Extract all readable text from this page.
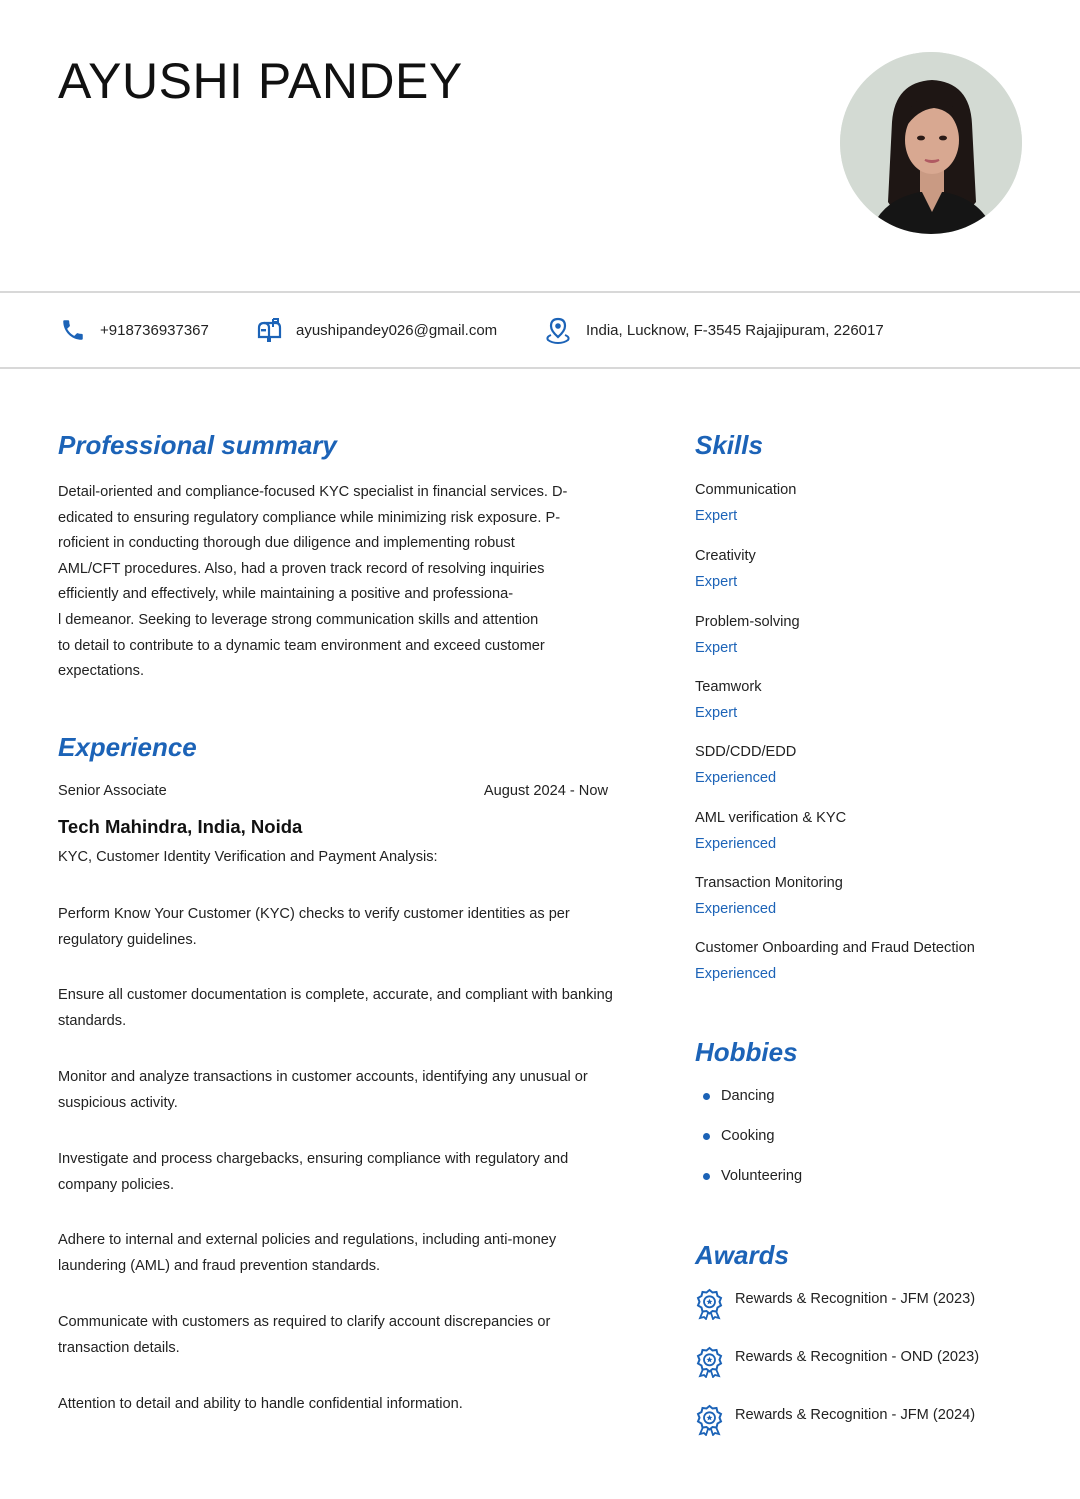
AYUSHI PANDEY
+918736937367	ayushipandey026@gmail.com	India, Lucknow, F-3545 Rajajipuram, 226017
Professional summary
Detail-oriented and compliance-focused KYC specialist in financial services. D-
edicated to ensuring regulatory compliance while minimizing risk exposure. P-
roficient in conducting thorough due diligence and implementing robust
AML/CFT procedures. Also, had a proven track record of resolving inquiries
efficiently and effectively, while maintaining a positive and professiona-
l demeanor. Seeking to leverage strong communication skills and attention
to detail to contribute to a dynamic team environment and exceed customer
expectations.
Experience
Senior Associate	August 2024 - Now
Tech Mahindra, India, Noida
KYC, Customer Identity Verification and Payment Analysis:
Perform Know Your Customer (KYC) checks to verify customer identities as per regulatory guidelines.
Ensure all customer documentation is complete, accurate, and compliant with banking standards.
Monitor and analyze transactions in customer accounts, identifying any unusual or suspicious activity.
Investigate and process chargebacks, ensuring compliance with regulatory and company policies.
Adhere to internal and external policies and regulations, including anti-money laundering (AML) and fraud prevention standards.
Communicate with customers as required to clarify account discrepancies or transaction details.
Attention to detail and ability to handle confidential information.
Skills
Communication
Expert
Creativity
Expert
Problem-solving
Expert
Teamwork
Expert
SDD/CDD/EDD
Experienced
AML verification & KYC
Experienced
Transaction Monitoring
Experienced
Customer Onboarding and Fraud Detection
Experienced
Hobbies
Dancing
Cooking
Volunteering
Awards
Rewards & Recognition - JFM (2023)
Rewards & Recognition - OND (2023)
Rewards & Recognition - JFM (2024)
